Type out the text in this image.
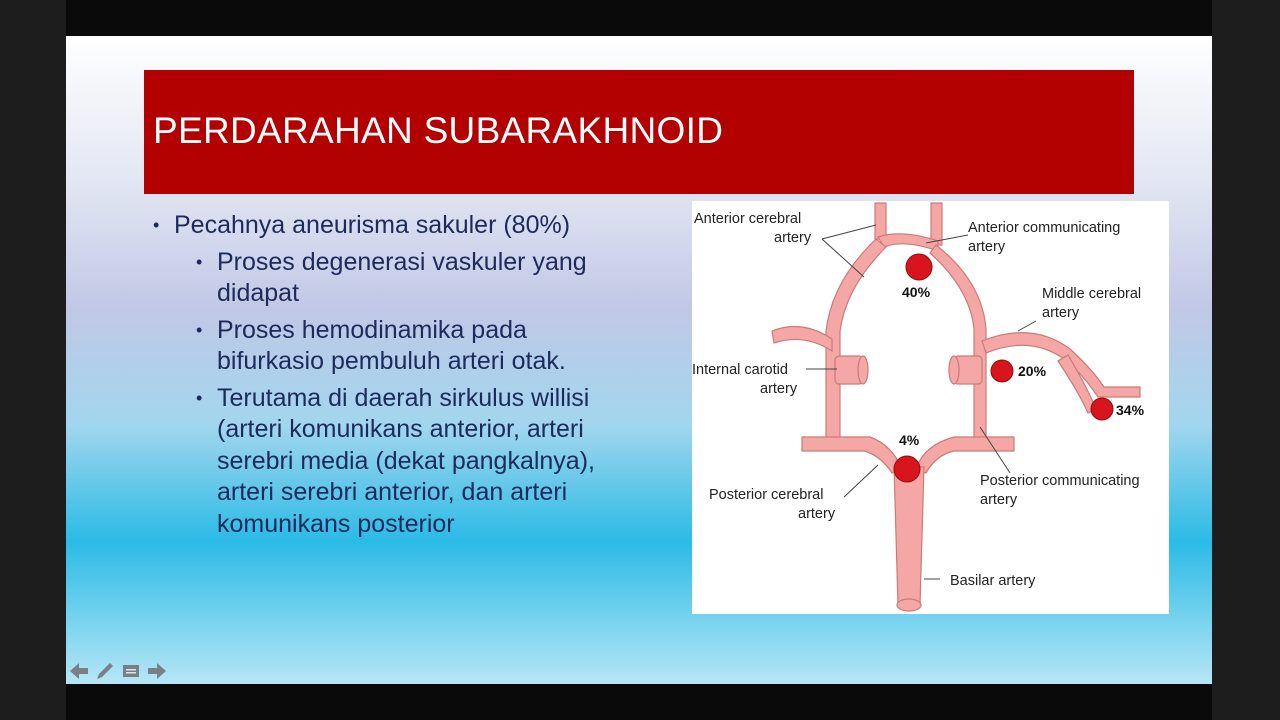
PERDARAHAN SUBARAKHNOID
• Pecahnya aneurisma sakuler (80%)
• Proses degenerasi vaskuler yang didapat
• Proses hemodinamika pada bifurkasio pembuluh arteri otak.
• Terutama di daerah sirkulus willisi (arteri komunikans anterior, arteri serebri media (dekat pangkalnya), arteri serebri anterior, dan arteri komunikans posterior
Anterior cerebral
artery
Anterior communicating
artery
Middle cerebral
artery
Internal carotid
artery
Posterior cerebral
artery
Posterior communicating
artery
Basilar artery
40%
20%
34%
4%
